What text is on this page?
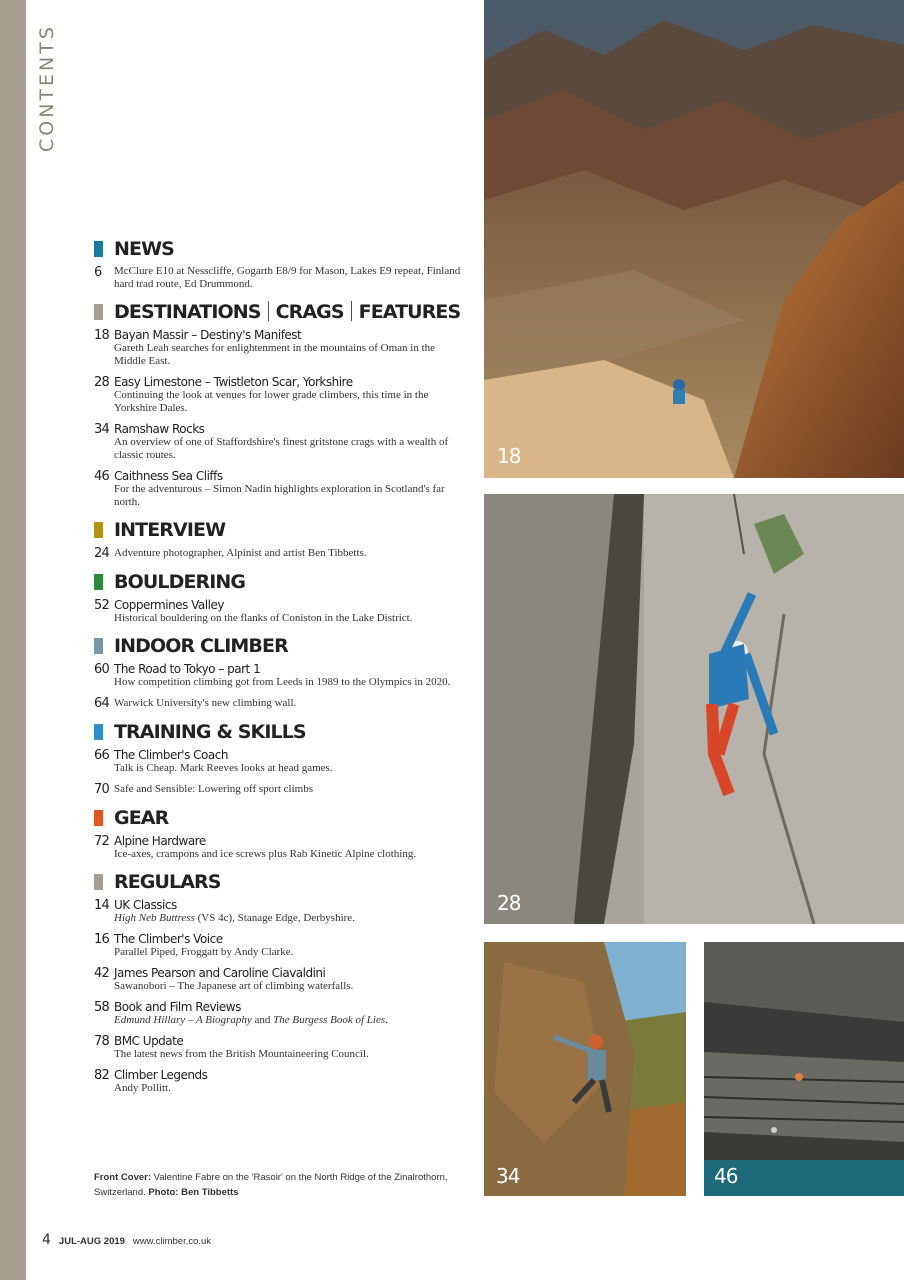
CONTENTS
NEWS
6	McClure E10 at Nesscliffe, Gogarth E8/9 for Mason, Lakes E9 repeat, Finland hard trad route, Ed Drummond.
DESTINATIONS CRAGS FEATURES
18 Bayan Massir – Destiny's Manifest
Gareth Leah searches for enlightenment in the mountains of Oman in the Middle East.
28 Easy Limestone – Twistleton Scar, Yorkshire
Continuing the look at venues for lower grade climbers, this time in the Yorkshire Dales.
34 Ramshaw Rocks
An overview of one of Staffordshire's finest gritstone crags with a wealth of classic routes.
46 Caithness Sea Cliffs
For the adventurous – Simon Nadin highlights exploration in Scotland's far north.
INTERVIEW
24 Adventure photographer, Alpinist and artist Ben Tibbetts.
BOULDERING
52 Coppermines Valley
Historical bouldering on the flanks of Coniston in the Lake District.
INDOOR CLIMBER
60 The Road to Tokyo – part 1
How competition climbing got from Leeds in 1989 to the Olympics in 2020.
64 Warwick University's new climbing wall.
TRAINING & SKILLS
66 The Climber's Coach
Talk is Cheap. Mark Reeves looks at head games.
70 Safe and Sensible: Lowering off sport climbs
GEAR
72 Alpine Hardware
Ice-axes, crampons and ice screws plus Rab Kinetic Alpine clothing.
REGULARS
14 UK Classics
High Neb Buttress (VS 4c), Stanage Edge, Derbyshire.
16 The Climber's Voice
Parallel Piped, Froggatt by Andy Clarke.
42 James Pearson and Caroline Ciavaldini
Sawanobori – The Japanese art of climbing waterfalls.
58 Book and Film Reviews
Edmund Hillary – A Biography and The Burgess Book of Lies.
78 BMC Update
The latest news from the British Mountaineering Council.
82 Climber Legends
Andy Pollitt.
Front Cover: Valentine Fabre on the 'Rasoir' on the North Ridge of the Zinalrothorn, Switzerland. Photo: Ben Tibbetts
4 JUL-AUG 2019 www.climber.co.uk
18
28
34	46
